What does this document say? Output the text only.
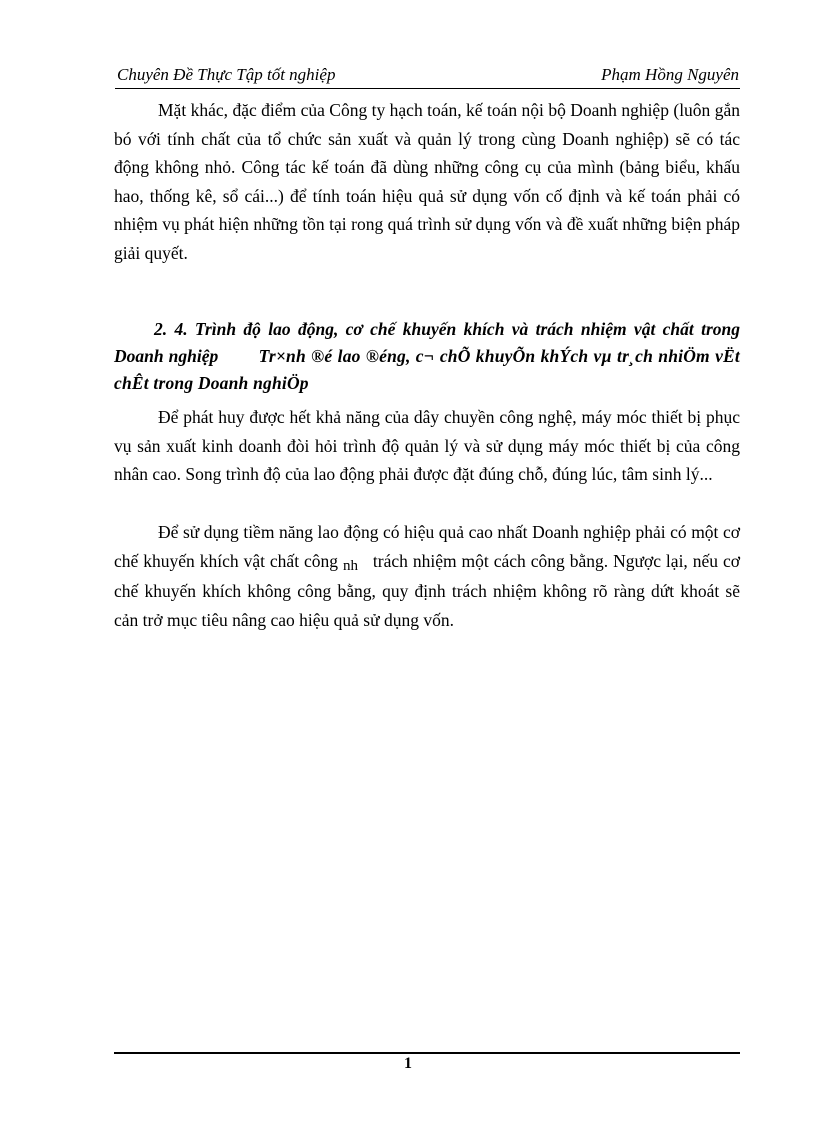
Chuyên Đề Thực Tập tốt nghiệp	Phạm Hồng Nguyên

Mặt khác, đặc điểm của Công ty hạch toán, kế toán nội bộ Doanh nghiệp (luôn gắn bó với tính chất của tổ chức sản xuất và quản lý trong cùng Doanh nghiệp) sẽ có tác động không nhỏ. Công tác kế toán đã dùng những công cụ của mình (bảng biểu, khấu hao, thống kê, sổ cái...) để tính toán hiệu quả sử dụng vốn cố định và kế toán phải có nhiệm vụ phát hiện những tồn tại rong quá trình sử dụng vốn và đề xuất những biện pháp giải quyết.

2. 4. Trình độ lao động, cơ chế khuyến khích và trách nhiệm vật chất trong Doanh nghiệp Tr×nh ®é lao ®éng, c¬ chÕ khuyÕn khÝch vµ tr¸ch nhiÖm vËt chÊt trong Doanh nghiÖp

Để phát huy được hết khả năng của dây chuyền công nghệ, máy móc thiết bị phục vụ sản xuất kinh doanh đòi hỏi trình độ quản lý và sử dụng máy móc thiết bị của công nhân cao. Song trình độ của lao động phải được đặt đúng chỗ, đúng lúc, tâm sinh lý...

Để sử dụng tiềm năng lao động có hiệu quả cao nhất Doanh nghiệp phải có một cơ chế khuyến khích vật chất công nh trách nhiệm một cách công bằng. Ngược lại, nếu cơ chế khuyến khích không công bằng, quy định trách nhiệm không rõ ràng dứt khoát sẽ cản trở mục tiêu nâng cao hiệu quả sử dụng vốn.

1
